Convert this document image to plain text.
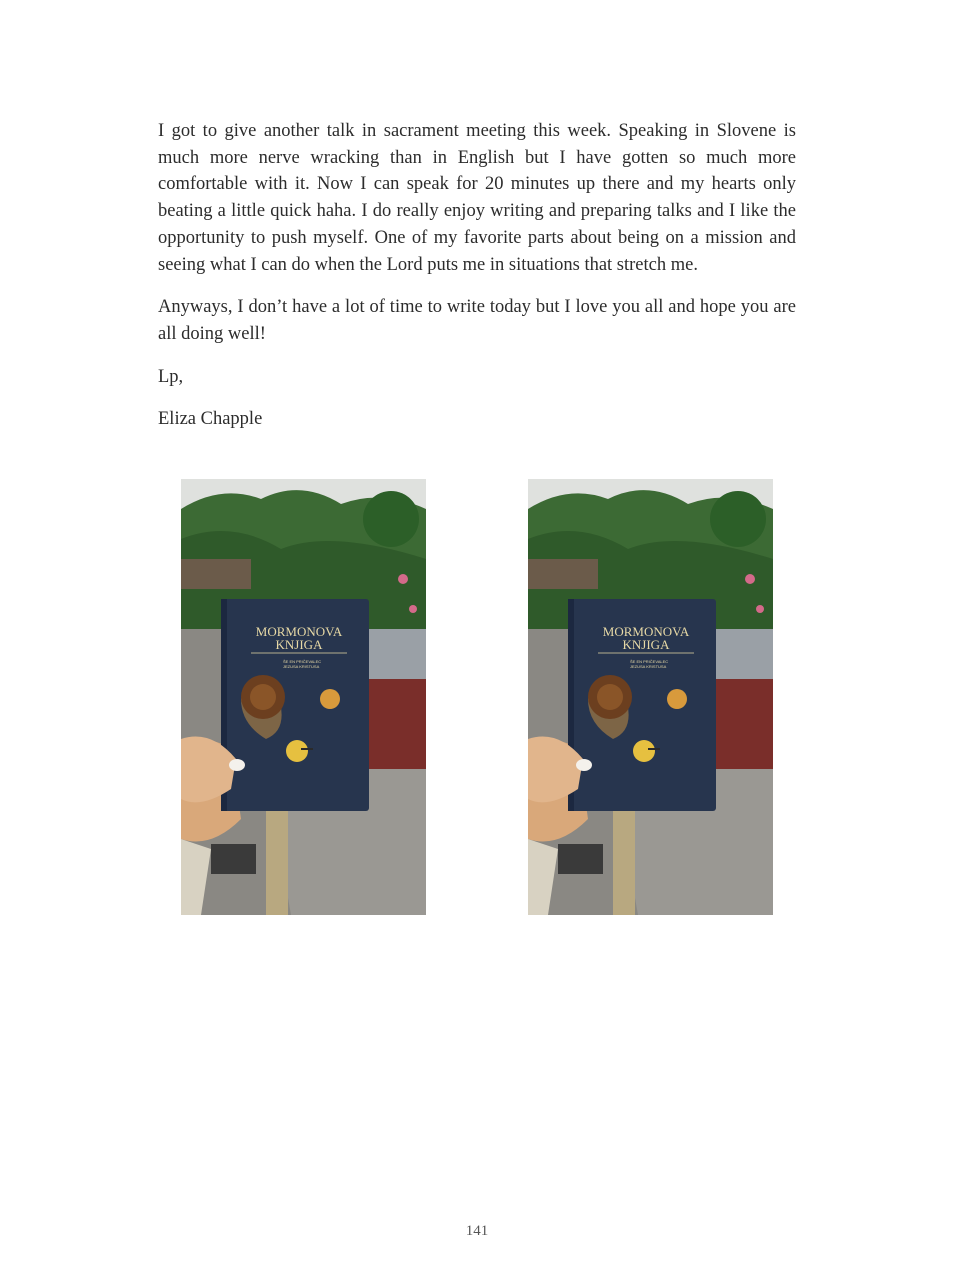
I got to give another talk in sacrament meeting this week. Speaking in Slovene is much more nerve wracking than in English but I have gotten so much more comfortable with it. Now I can speak for 20 minutes up there and my hearts only beating a little quick haha. I do really enjoy writing and preparing talks and I like the opportunity to push myself. One of my favorite parts about being on a mission and seeing what I can do when the Lord puts me in situations that stretch me.

Anyways, I don’t have a lot of time to write today but I love you all and hope you are all doing well!

Lp,

Eliza Chapple

MORMONOVA
KNJIGA
ŠE EN PRIČEVALEC
JEZUSA KRISTUSA
MORMONOVA
KNJIGA
ŠE EN PRIČEVALEC
JEZUSA KRISTUSA
141
